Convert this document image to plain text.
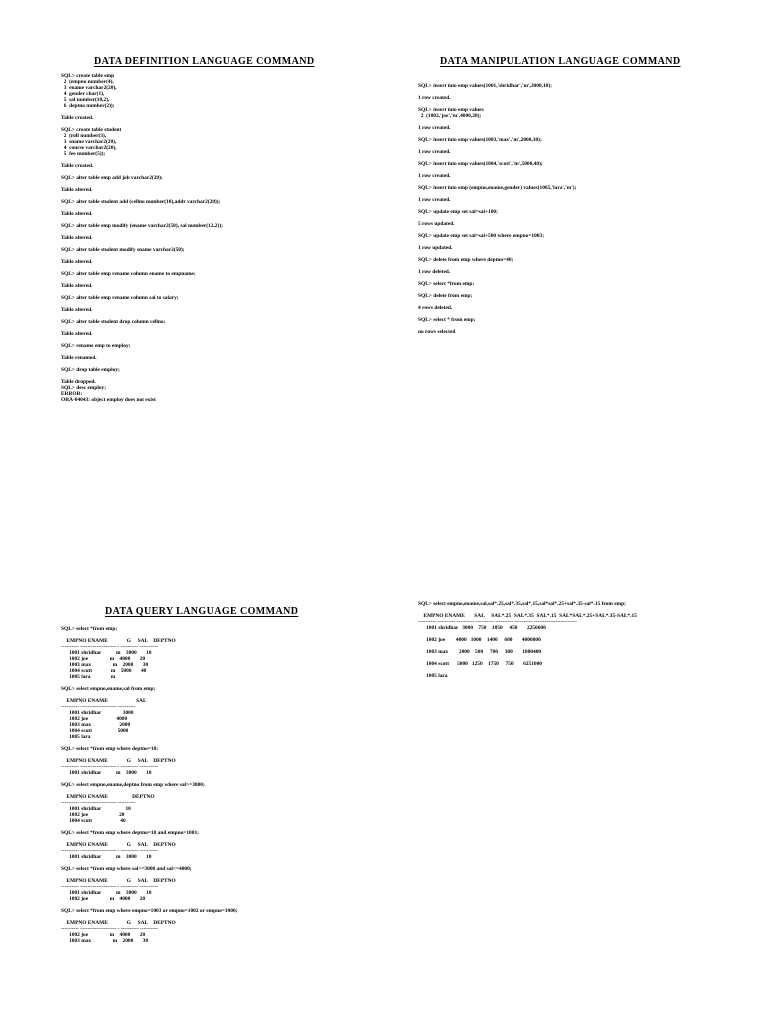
DATA DEFINITION LANGUAGE COMMAND
SQL> create table emp
2  (empno number(4),
3  ename varchar2(20),
4  gender char(1),
5  sal number(10,2),
6  deptno number(2));
Table created.
SQL> create table student
2  (roll number(3),
3  sname varchar2(20),
4  course varchar2(20),
5  fee number(5));
Table created.
SQL> alter table emp add job varchar2(20);
Table altered.
SQL> alter table student add (cellno number(10),addr varchar2(20));
Table altered.
SQL> alter table emp modify (ename varchar2(50), sal number(12,2));
Table altered.
SQL> alter table student modify sname varchar2(50);
Table altered.
SQL> alter table emp rename column ename to empname;
Table altered.
SQL> alter table emp rename column sal to salary;
Table altered.
SQL> alter table student drop column cellno;
Table altered.
SQL> rename emp to employ;
Table renamed.
SQL> drop table employ;
Table dropped.
SQL> desc employ;
ERROR:
ORA-04043: object employ does not exist
DATA MANIPULATION LANGUAGE COMMAND
SQL> insert into emp values(1001,'shridhar','m',3000,10);
1 row created.
SQL> insert into emp values
2  (1002,'joe','m',4000,20);
1 row created.
SQL> insert into emp values(1003,'max','m',2000,30);
1 row created.
SQL> insert into emp values(1004,'scott','m',5000,40);
1 row created.
SQL> insert into emp (empno,ename,gender) values(1005,'lara','m');
1 row created.
SQL> update emp set sal=sal+100;
5 rows updated.
SQL> update emp set sal=sal+500 where empno=1003;
1 row updated.
SQL> delete from emp where deptno=40;
1 row deleted.
SQL> select *from emp;
SQL> delete from emp;
4 rows deleted.
SQL> select * from emp;
no rows selected
DATA QUERY LANGUAGE COMMAND
SQL> select *from emp;
EMPNO ENAME              G     SAL    DEPTNO
---------- -------------------- - ---------- ----------
1001 shridhar           m    3000       10
1002 joe                m    4000       20
1003 max                m    2000       30
1004 scott              m    5000       40
1005 lara               m
SQL> select empno,ename,sal from emp;
EMPNO ENAME                     SAL
---------- -------------------- ----------
1001 shridhar                3000
1002 joe                     4000
1003 max                     2000
1004 scott                   5000
1005 lara
SQL> select *from emp where deptno=10;
EMPNO ENAME              G     SAL    DEPTNO
---------- -------------------- - ---------- ----------
1001 shridhar           m    3000       10
SQL> select empno,ename,deptno from emp where sal>=3000;
EMPNO ENAME                  DEPTNO
---------- -------------------- ----------
1001 shridhar                  10
1002 joe                       20
1004 scott                     40
SQL> select *from emp where deptno=10 and empno=1001;
EMPNO ENAME              G     SAL    DEPTNO
---------- -------------------- - ---------- ----------
1001 shridhar           m    3000       10
SQL> select *from emp where sal>=3000 and sal<=4000;
EMPNO ENAME              G     SAL    DEPTNO
---------- -------------------- - ---------- ----------
1001 shridhar           m    3000       10
1002 joe                m    4000       20
SQL> select *from emp where empno=1003 or empno=1002 or empno=1000;
EMPNO ENAME              G     SAL    DEPTNO
---------- -------------------- - ---------- ----------
1002 joe                m    4000       20
1003 max                m    2000       30
SQL> select empno,ename,sal,sal*.25,sal*.35,sal*.15,sal*sal*.25+sal*.35-sal*.15 from emp;
EMPNO ENAME       SAL     SAL*.25  SAL*.35  SAL*.15  SAL*SAL*.25+SAL*.35-SAL*.15
---------- ---------- ---------- ---------- ---------- ---------- ------------------------
1001 shridhar   3000    750    1050     450       2250600
1002 joe        4000   1000    1400     600       4000800
1003 max        2000    500     700     300       1000400
1004 scott      5000   1250    1750     750       6251000
1005 lara
